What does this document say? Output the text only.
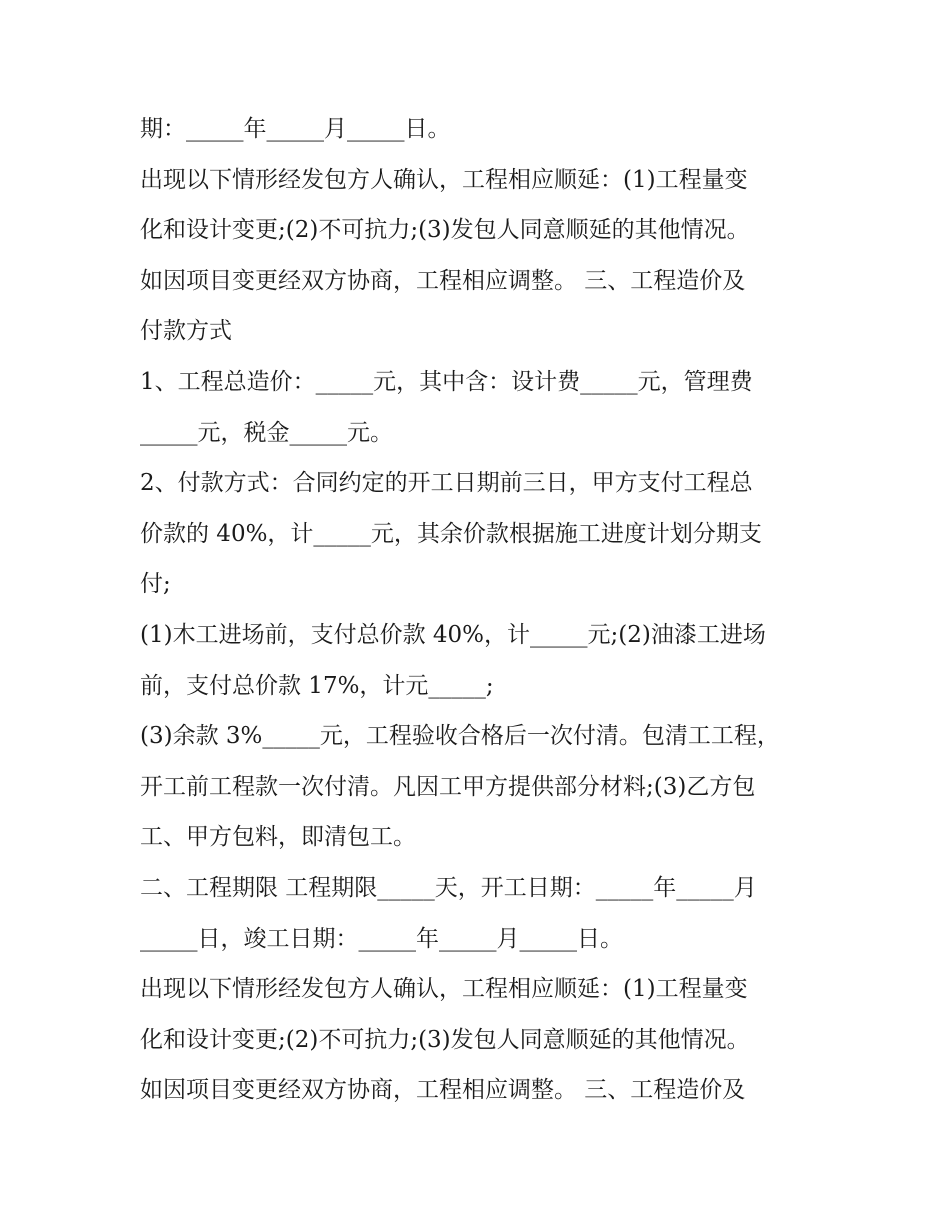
期：_____年_____月_____日。

出现以下情形经发包方人确认，工程相应顺延：(1)工程量变

化和设计变更;(2)不可抗力;(3)发包人同意顺延的其他情况。

如因项目变更经双方协商，工程相应调整。 三、工程造价及

付款方式

1、工程总造价：_____元，其中含：设计费_____元，管理费

_____元，税金_____元。

2、付款方式：合同约定的开工日期前三日，甲方支付工程总

价款的 40%，计_____元，其余价款根据施工进度计划分期支

付;

(1)木工进场前，支付总价款 40%，计_____元;(2)油漆工进场

前，支付总价款 17%，计元_____;

(3)余款 3%_____元，工程验收合格后一次付清。包清工工程，

开工前工程款一次付清。凡因工甲方提供部分材料;(3)乙方包

工、甲方包料，即清包工。

二、工程期限 工程期限_____天，开工日期：_____年_____月

_____日，竣工日期：_____年_____月_____日。

出现以下情形经发包方人确认，工程相应顺延：(1)工程量变

化和设计变更;(2)不可抗力;(3)发包人同意顺延的其他情况。

如因项目变更经双方协商，工程相应调整。 三、工程造价及
